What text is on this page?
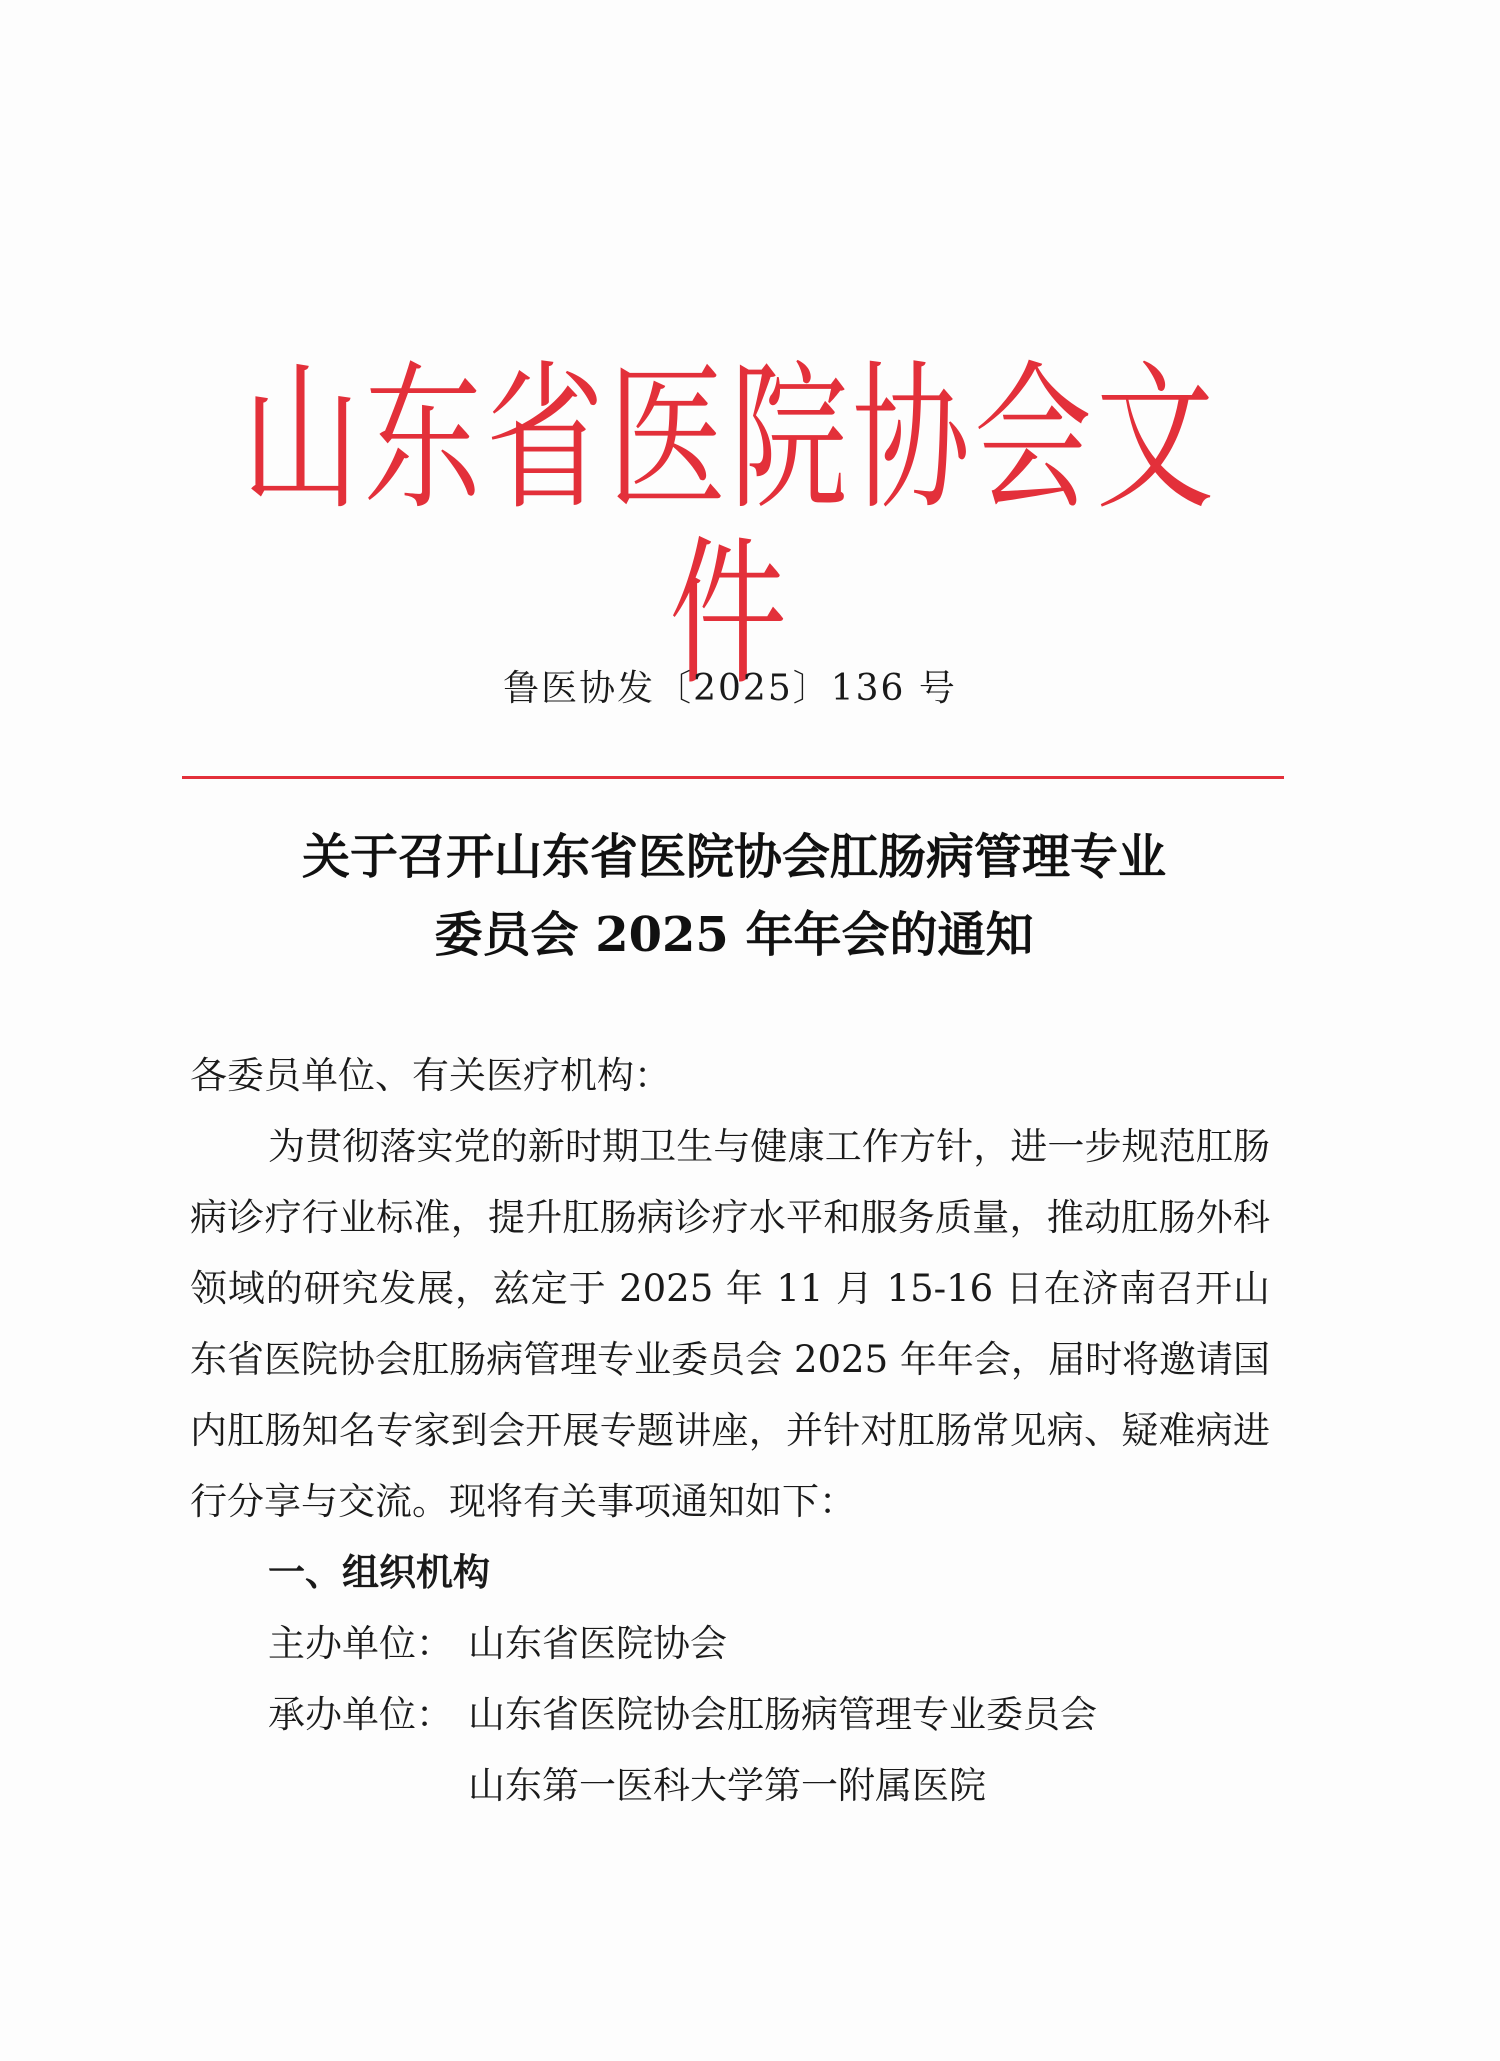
山东省医院协会文件
鲁医协发〔2025〕136 号
关于召开山东省医院协会肛肠病管理专业
委员会 2025 年年会的通知

各委员单位、有关医疗机构：

为贯彻落实党的新时期卫生与健康工作方针，进一步规范肛肠病诊疗行业标准，提升肛肠病诊疗水平和服务质量，推动肛肠外科领域的研究发展，兹定于 2025 年 11 月 15-16 日在济南召开山东省医院协会肛肠病管理专业委员会 2025 年年会，届时将邀请国内肛肠知名专家到会开展专题讲座，并针对肛肠常见病、疑难病进行分享与交流。现将有关事项通知如下：

一、组织机构

主办单位： 山东省医院协会
承办单位： 山东省医院协会肛肠病管理专业委员会
山东第一医科大学第一附属医院
